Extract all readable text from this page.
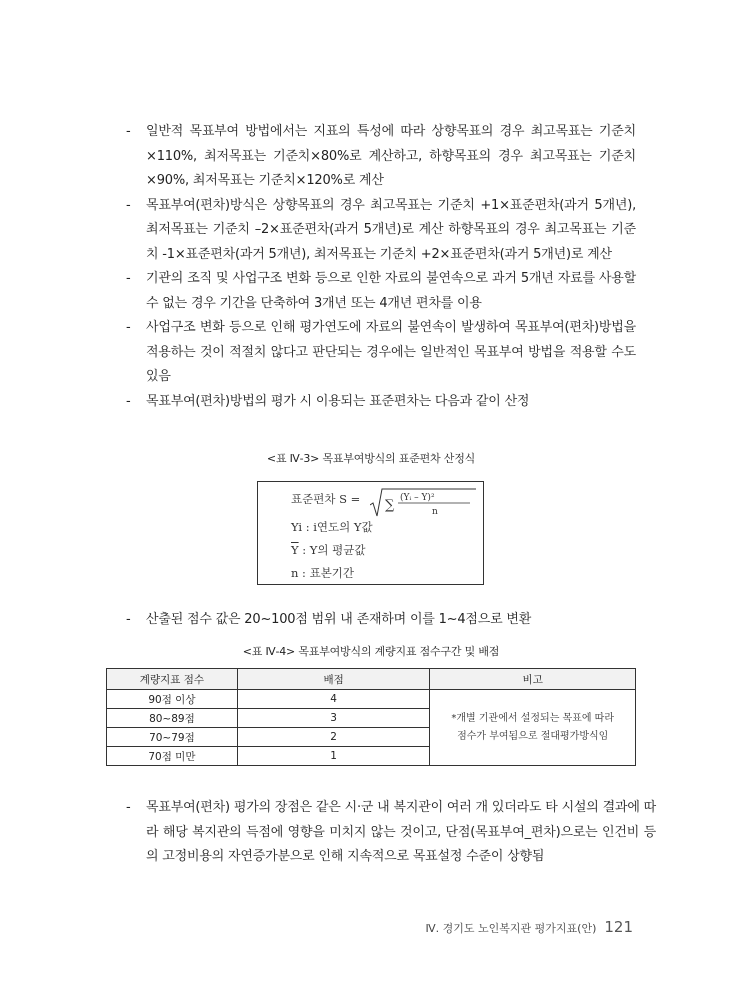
- 일반적 목표부여 방법에서는 지표의 특성에 따라 상향목표의 경우 최고목표는 기준치×110%, 최저목표는 기준치×80%로 계산하고, 하향목표의 경우 최고목표는 기준치×90%, 최저목표는 기준치×120%로 계산
- 목표부여(편차)방식은 상향목표의 경우 최고목표는 기준치 +1×표준편차(과거 5개년), 최저목표는 기준치 –2×표준편차(과거 5개년)로 계산 하향목표의 경우 최고목표는 기준치 -1×표준편차(과거 5개년), 최저목표는 기준치 +2×표준편차(과거 5개년)로 계산
- 기관의 조직 및 사업구조 변화 등으로 인한 자료의 불연속으로 과거 5개년 자료를 사용할 수 없는 경우 기간을 단축하여 3개년 또는 4개년 편차를 이용
- 사업구조 변화 등으로 인해 평가연도에 자료의 불연속이 발생하여 목표부여(편차)방법을 적용하는 것이 적절치 않다고 판단되는 경우에는 일반적인 목표부여 방법을 적용할 수도 있음
- 목표부여(편차)방법의 평가 시 이용되는 표준편차는 다음과 같이 산정
<표 Ⅳ-3> 목표부여방식의 표준편차 산정식
표준편차 S = ∑ (Yᵢ – Y)²
n
Yi : i연도의 Y값
$\overline{Y}$ : Y의 평균값
n : 표본기간
- 산출된 점수 값은 20~100점 범위 내 존재하며 이를 1~4점으로 변환
<표 Ⅳ-4> 목표부여방식의 계량지표 점수구간 및 배점
계량지표 점수	배점	비고
90점 이상	4	*개별 기관에서 설정되는 목표에 따라
점수가 부여됨으로 절대평가방식임

80~89점	3	
70~79점	2	
70점 미만	1	
- 목표부여(편차) 평가의 장점은 같은 시·군 내 복지관이 여러 개 있더라도 타 시설의 결과에 따라 해당 복지관의 득점에 영향을 미치지 않는 것이고, 단점(목표부여_편차)으로는 인건비 등의 고정비용의 자연증가분으로 인해 지속적으로 목표설정 수준이 상향됨
Ⅳ. 경기도 노인복지관 평가지표(안) 121
